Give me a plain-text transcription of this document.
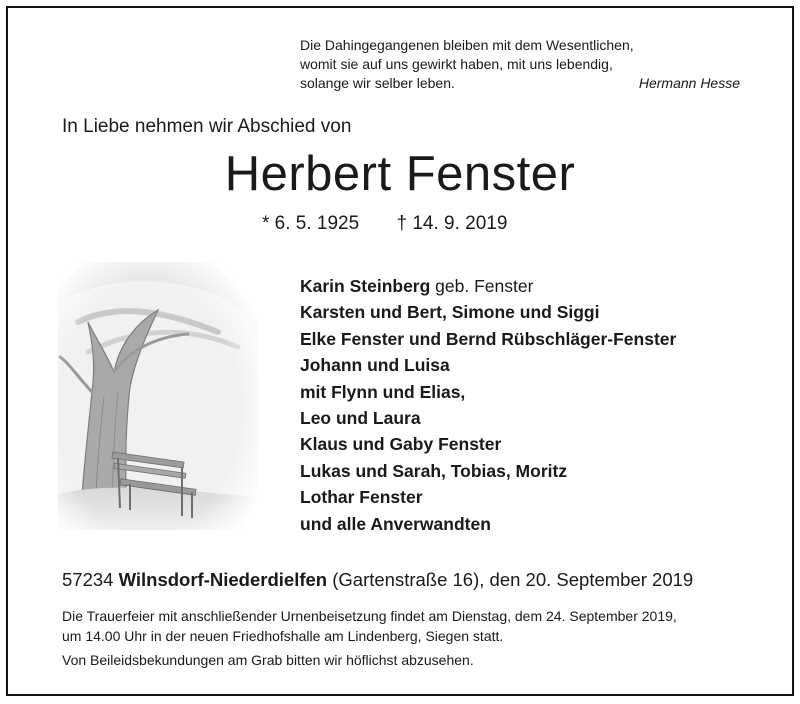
Die Dahingegangenen bleiben mit dem Wesentlichen,
womit sie auf uns gewirkt haben, mit uns lebendig,
solange wir selber leben.	Hermann Hesse
In Liebe nehmen wir Abschied von
Herbert Fenster
* 6. 5. 1925 † 14. 9. 2019
Karin Steinberg geb. Fenster
Karsten und Bert, Simone und Siggi
Elke Fenster und Bernd Rübschläger-Fenster
Johann und Luisa
mit Flynn und Elias,
Leo und Laura
Klaus und Gaby Fenster
Lukas und Sarah, Tobias, Moritz
Lothar Fenster
und alle Anverwandten
57234 Wilnsdorf-Niederdielfen (Gartenstraße 16), den 20. September 2019
Die Trauerfeier mit anschließender Urnenbeisetzung findet am Dienstag, dem 24. September 2019,
um 14.00 Uhr in der neuen Friedhofshalle am Lindenberg, Siegen statt.
Von Beileidsbekundungen am Grab bitten wir höflichst abzusehen.
